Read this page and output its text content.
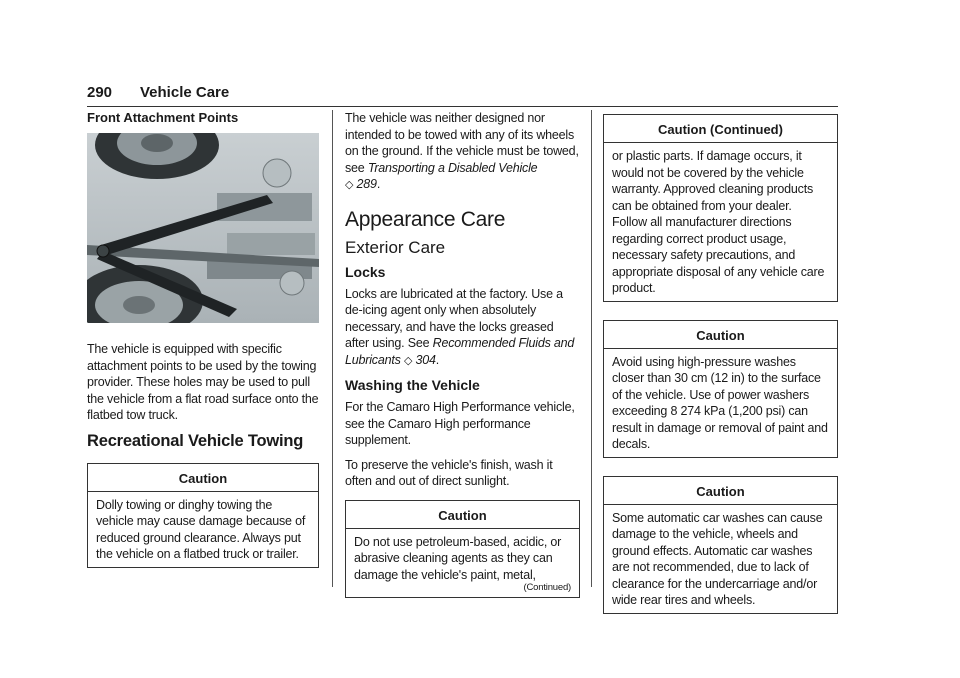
290 Vehicle Care
Front Attachment Points

The vehicle is equipped with specific attachment points to be used by the towing provider. These holes may be used to pull the vehicle from a flat road surface onto the flatbed tow truck.

Recreational Vehicle Towing
Caution
Dolly towing or dinghy towing the vehicle may cause damage because of reduced ground clearance. Always put the vehicle on a flatbed truck or trailer.

The vehicle was neither designed nor intended to be towed with any of its wheels on the ground. If the vehicle must be towed, see Transporting a Disabled Vehicle
◇ 289.

Appearance Care
Exterior Care
Locks

Locks are lubricated at the factory. Use a de-icing agent only when absolutely necessary, and have the locks greased after using. See Recommended Fluids and Lubricants ◇ 304.

Washing the Vehicle

For the Camaro High Performance vehicle, see the Camaro High performance supplement.

To preserve the vehicle's finish, wash it often and out of direct sunlight.

Caution
Do not use petroleum-based, acidic, or abrasive cleaning agents as they can damage the vehicle's paint, metal,
(Continued)
Caution (Continued)
or plastic parts. If damage occurs, it would not be covered by the vehicle warranty. Approved cleaning products can be obtained from your dealer. Follow all manufacturer directions regarding correct product usage, necessary safety precautions, and appropriate disposal of any vehicle care product.
Caution
Avoid using high-pressure washes closer than 30 cm (12 in) to the surface of the vehicle. Use of power washers exceeding 8 274 kPa (1,200 psi) can result in damage or removal of paint and decals.
Caution
Some automatic car washes can cause damage to the vehicle, wheels and ground effects. Automatic car washes are not recommended, due to lack of clearance for the undercarriage and/or wide rear tires and wheels.
